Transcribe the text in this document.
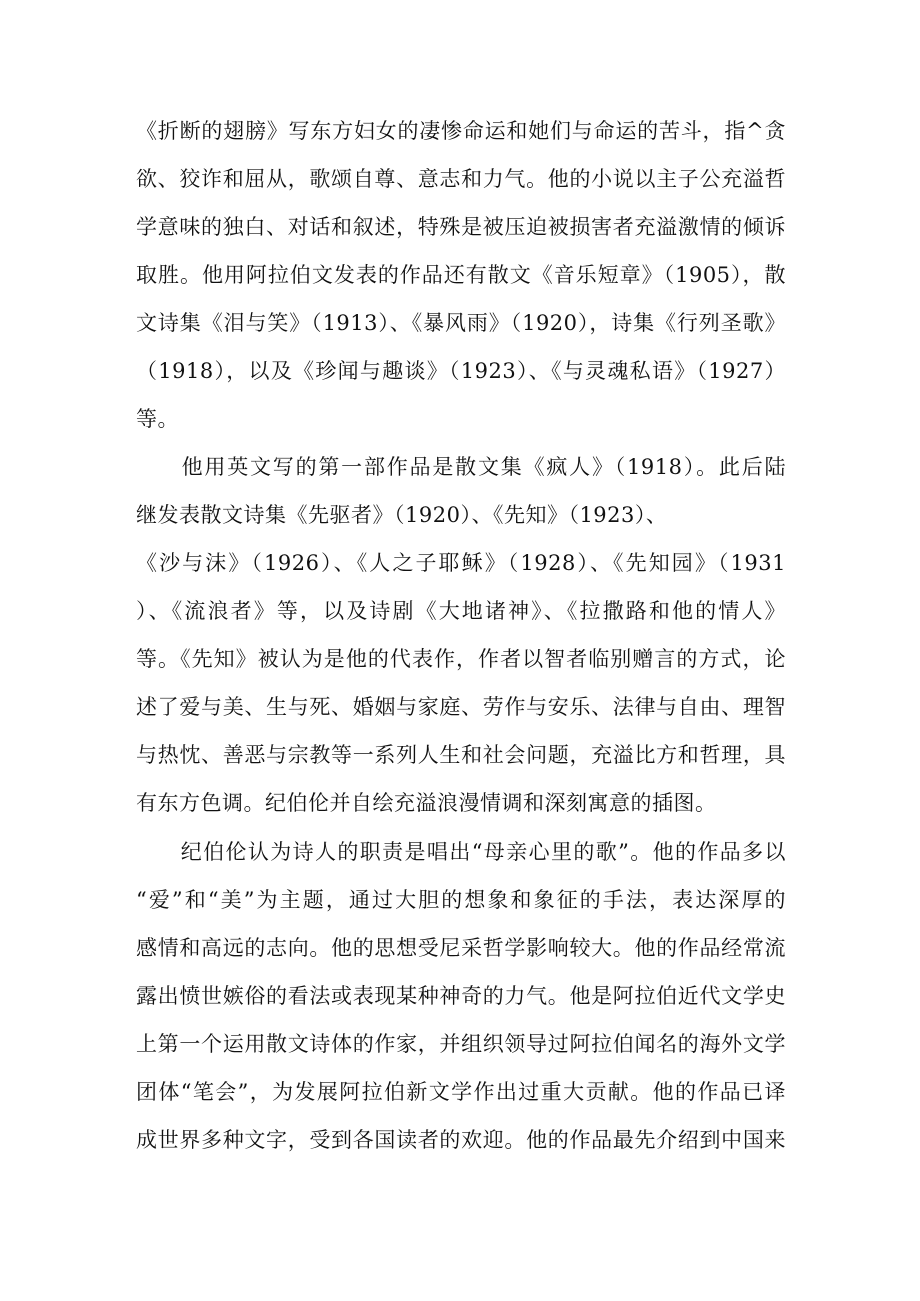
《折断的翅膀》写东方妇女的凄惨命运和她们与命运的苦斗，指^贪
欲、狡诈和屈从，歌颂自尊、意志和力气。他的小说以主子公充溢哲
学意味的独白、对话和叙述，特殊是被压迫被损害者充溢激情的倾诉
取胜。他用阿拉伯文发表的作品还有散文《音乐短章》（1905），散
文诗集《泪与笑》（1913）、《暴风雨》（1920），诗集《行列圣歌》
（1918），以及《珍闻与趣谈》（1923）、《与灵魂私语》（1927）
等。
　　他用英文写的第一部作品是散文集《疯人》（1918）。此后陆
继发表散文诗集《先驱者》（1920）、《先知》（1923）、
《沙与沫》（1926）、《人之子耶稣》（1928）、《先知园》（1931
）、《流浪者》等，以及诗剧《大地诸神》、《拉撒路和他的情人》
等。《先知》被认为是他的代表作，作者以智者临别赠言的方式，论
述了爱与美、生与死、婚姻与家庭、劳作与安乐、法律与自由、理智
与热忱、善恶与宗教等一系列人生和社会问题，充溢比方和哲理，具
有东方色调。纪伯伦并自绘充溢浪漫情调和深刻寓意的插图。
　　纪伯伦认为诗人的职责是唱出“母亲心里的歌”。他的作品多以
“爱”和“美”为主题，通过大胆的想象和象征的手法，表达深厚的
感情和高远的志向。他的思想受尼采哲学影响较大。他的作品经常流
露出愤世嫉俗的看法或表现某种神奇的力气。他是阿拉伯近代文学史
上第一个运用散文诗体的作家，并组织领导过阿拉伯闻名的海外文学
团体“笔会”，为发展阿拉伯新文学作出过重大贡献。他的作品已译
成世界多种文字，受到各国读者的欢迎。他的作品最先介绍到中国来
